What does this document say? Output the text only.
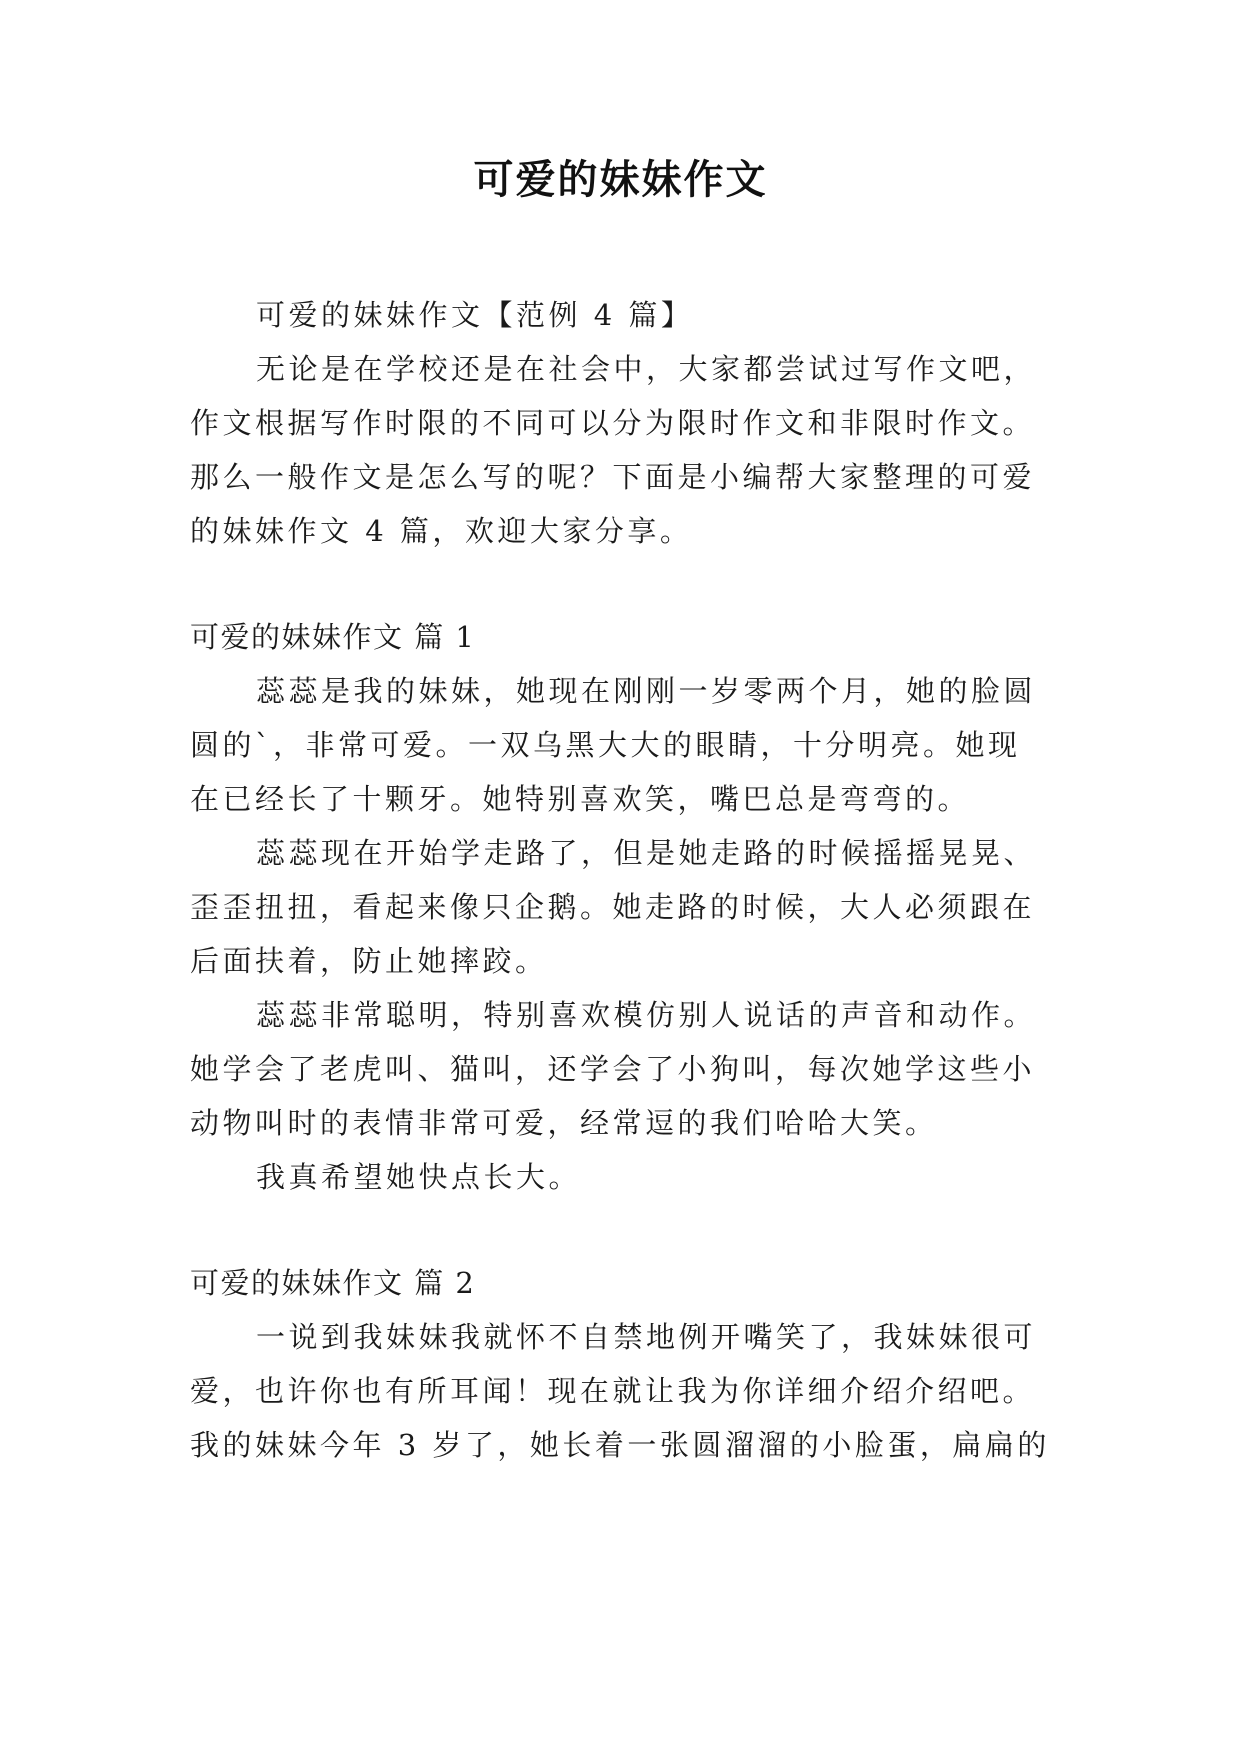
可爱的妹妹作文

可爱的妹妹作文【范例 4 篇】

无论是在学校还是在社会中，大家都尝试过写作文吧，作文根据写作时限的不同可以分为限时作文和非限时作文。那么一般作文是怎么写的呢？下面是小编帮大家整理的可爱的妹妹作文 4 篇，欢迎大家分享。

可爱的妹妹作文 篇 1

蕊蕊是我的妹妹，她现在刚刚一岁零两个月，她的脸圆圆的`，非常可爱。一双乌黑大大的眼睛，十分明亮。她现在已经长了十颗牙。她特别喜欢笑，嘴巴总是弯弯的。

蕊蕊现在开始学走路了，但是她走路的时候摇摇晃晃、歪歪扭扭，看起来像只企鹅。她走路的时候，大人必须跟在后面扶着，防止她摔跤。

蕊蕊非常聪明，特别喜欢模仿别人说话的声音和动作。她学会了老虎叫、猫叫，还学会了小狗叫，每次她学这些小动物叫时的表情非常可爱，经常逗的我们哈哈大笑。

我真希望她快点长大。

可爱的妹妹作文 篇 2

一说到我妹妹我就怀不自禁地例开嘴笑了，我妹妹很可爱，也许你也有所耳闻！现在就让我为你详细介绍介绍吧。我的妹妹今年 3 岁了，她长着一张圆溜溜的小脸蛋，扁扁的
